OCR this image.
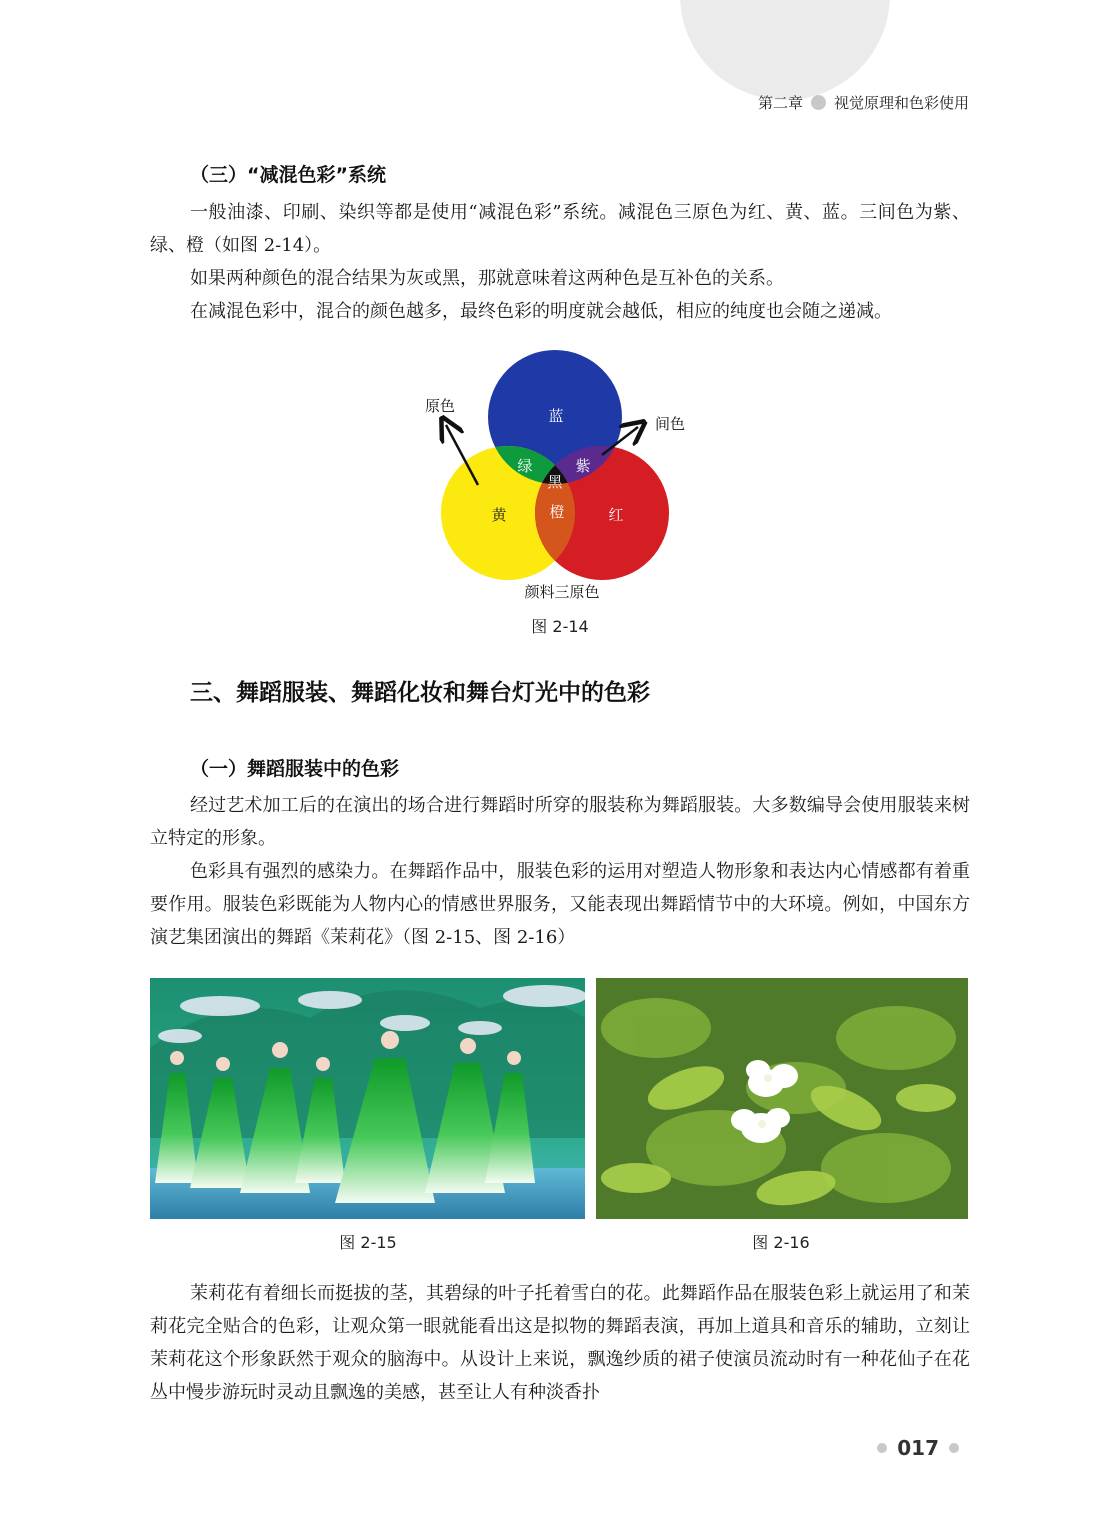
第二章 视觉原理和色彩使用
（三）“减混色彩”系统

一般油漆、印刷、染织等都是使用“减混色彩”系统。减混色三原色为红、黄、蓝。三间色为紫、绿、橙（如图 2-14）。

如果两种颜色的混合结果为灰或黑，那就意味着这两种色是互补色的关系。

在减混色彩中，混合的颜色越多，最终色彩的明度就会越低，相应的纯度也会随之递减。

原色
间色
蓝
绿	紫
黑
橙
黄	红
颜料三原色
图 2-14
三、舞蹈服装、舞蹈化妆和舞台灯光中的色彩
（一）舞蹈服装中的色彩

经过艺术加工后的在演出的场合进行舞蹈时所穿的服装称为舞蹈服装。大多数编导会使用服装来树立特定的形象。

色彩具有强烈的感染力。在舞蹈作品中，服装色彩的运用对塑造人物形象和表达内心情感都有着重要作用。服装色彩既能为人物内心的情感世界服务，又能表现出舞蹈情节中的大环境。例如，中国东方演艺集团演出的舞蹈《茉莉花》（图 2-15、图 2-16）

图 2-15	图 2-16

茉莉花有着细长而挺拔的茎，其碧绿的叶子托着雪白的花。此舞蹈作品在服装色彩上就运用了和茉莉花完全贴合的色彩，让观众第一眼就能看出这是拟物的舞蹈表演，再加上道具和音乐的辅助，立刻让茉莉花这个形象跃然于观众的脑海中。从设计上来说，飘逸纱质的裙子使演员流动时有一种花仙子在花丛中慢步游玩时灵动且飘逸的美感，甚至让人有种淡香扑

017
